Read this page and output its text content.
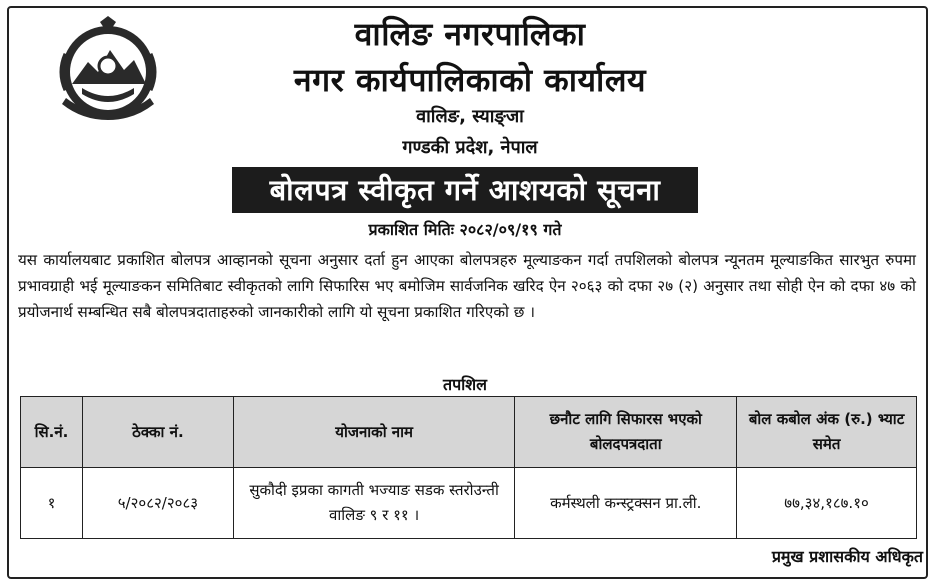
वालिङ नगरपालिका
नगर कार्यपालिकाको कार्यालय
वालिङ, स्याङ्जा
गण्डकी प्रदेश, नेपाल
बोलपत्र स्वीकृत गर्ने आशयको सूचना
प्रकाशित मितिः २०८२/०९/१९ गते
यस कार्यालयबाट प्रकाशित बोलपत्र आव्हानको सूचना अनुसार दर्ता हुन आएका बोलपत्रहरु मूल्याङकन गर्दा तपशिलको बोलपत्र न्यूनतम मूल्याङकित सारभुत रुपमा प्रभावग्राही भई मूल्याङकन समितिबाट स्वीकृतको लागि सिफारिस भए बमोजिम सार्वजनिक खरिद ऐन २०६३ को दफा २७ (२) अनुसार तथा सोही ऐन को दफा ४७ को प्रयोजनार्थ सम्बन्धित सबै बोलपत्रदाताहरुको जानकारीको लागि यो सूचना प्रकाशित गरिएको छ ।
तपशिल
सि.नं.	ठेक्का नं.	योजनाको नाम	छनौट लागि सिफारस भएको बोलदपत्रदाता	बोल कबोल अंक (रु.) भ्याट समेत
१	५/२०८२/२०८३	सुकौदी इप्रका कागती भज्याङ सडक स्तरोउन्ती वालिङ ९ र ११ ।	कर्मस्थली कन्स्ट्रक्सन प्रा.ली.	७७,३४,१८७.१०
प्रमुख प्रशासकीय अधिकृत
